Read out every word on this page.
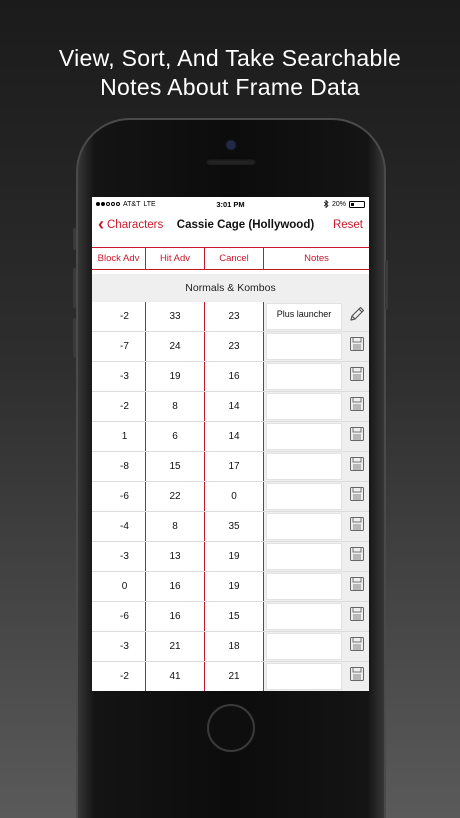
View, Sort, And Take Searchable
Notes About Frame Data
AT&T LTE	3:01 PM	20%
‹ Characters	Cassie Cage (Hollywood)	Reset
Block Adv	Hit Adv	Cancel	Notes
Normals & Kombos
-2	33	23	Plus launcher
-7	24	23
-3	19	16
-2	8	14
1	6	14
-8	15	17
-6	22	0
-4	8	35
-3	13	19
0	16	19
-6	16	15
-3	21	18
-2	41	21
